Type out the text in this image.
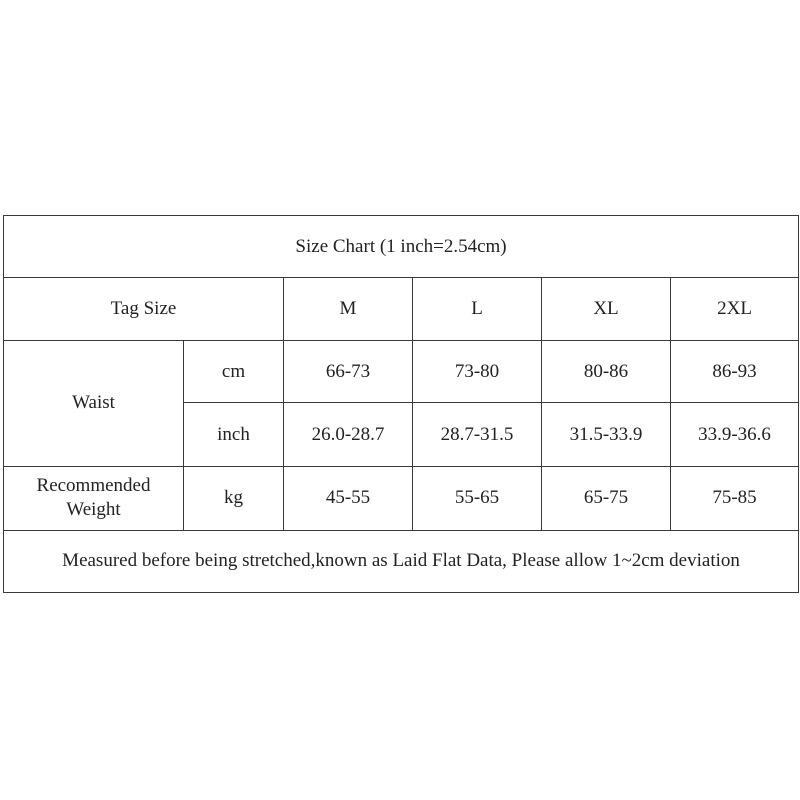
Size Chart (1 inch=2.54cm)					
Tag Size		M	L	XL	2XL
Waist	cm	66-73	73-80	80-86	86-93
	inch	26.0-28.7	28.7-31.5	31.5-33.9	33.9-36.6
Recommended
Weight	kg	45-55	55-65	65-75	75-85
Measured before being stretched,known as Laid Flat Data, Please allow 1~2cm deviation					
